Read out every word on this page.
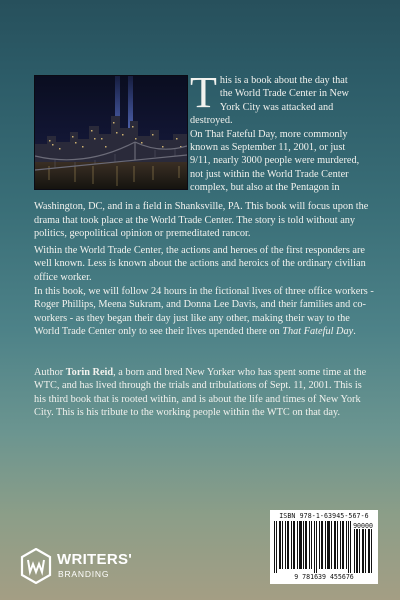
T his is a book about the day that
the World Trade Center in New
York City was attacked and destroyed.
On That Fateful Day, more commonly
known as September 11, 2001, or just
9/11, nearly 3000 people were murdered,
not just within the World Trade Center
complex, but also at the Pentagon in

Washington, DC, and in a field in Shanksville, PA. This book will focus upon the drama that took place at the World Trade Center. The story is told without any politics, geopolitical opinion or premeditated rancor.

Within the World Trade Center, the actions and heroes of the first responders are well known. Less is known about the actions and heroics of the ordinary civilian office worker.

In this book, we will follow 24 hours in the fictional lives of three office workers - Roger Phillips, Meena Sukram, and Donna Lee Davis, and their families and co-workers - as they began their day just like any other, making their way to the World Trade Center only to see their lives upended there on That Fateful Day.

Author Torin Reid, a born and bred New Yorker who has spent some time at the WTC, and has lived through the trials and tribulations of Sept. 11, 2001. This is his third book that is rooted within, and is about the life and times of New York City. This is his tribute to the working people within the WTC on that day.

ISBN 978-1-63945-567-6
90000
9 781639 455676
WRITERS'
BRANDING
